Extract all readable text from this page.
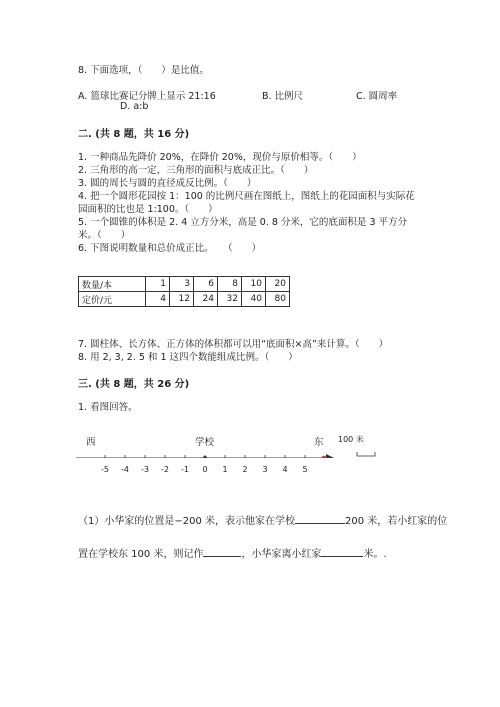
8. 下面选项，（　　）是比值。
A. 篮球比赛记分牌上显示 21:16	B. 比例尺	C. 圆周率
D. a:b
二. (共 8 题，共 16 分)
1. 一种商品先降价 20%，在降价 20%，现价与原价相等。（　　）
2. 三角形的高一定，三角形的面积与底成正比。（　　）
3. 圆的周长与圆的直径成反比例。（　　）
4. 把一个圆形花园按 1：100 的比例尺画在图纸上，图纸上的花园面积与实际花
园面积的比也是 1:100。（　　）
5. 一个圆锥的体积是 2. 4 立方分米，高是 0. 8 分米，它的底面积是 3 平方分
米。（　　）
6. 下图说明数量和总价成正比。　　（　　）
数量/本	1	3	6	8	10	20
定价/元	4	12	24	32	40	80
7. 圆柱体、长方体、正方体的体积都可以用“底面积×高”来计算。（　　）
8. 用 2, 3, 2. 5 和 1 这四个数能组成比例。（　　）
三. (共 8 题，共 26 分)
1. 看图回答。
西	学校	东 100 米
-5 -4 -3 -2 -1	0	1	2	3	4	5
（1）小华家的位置是−200 米，表示他家在学校	200 米，若小红家的位
置在学校东 100 米，则记作	，小华家离小红家	米。.
